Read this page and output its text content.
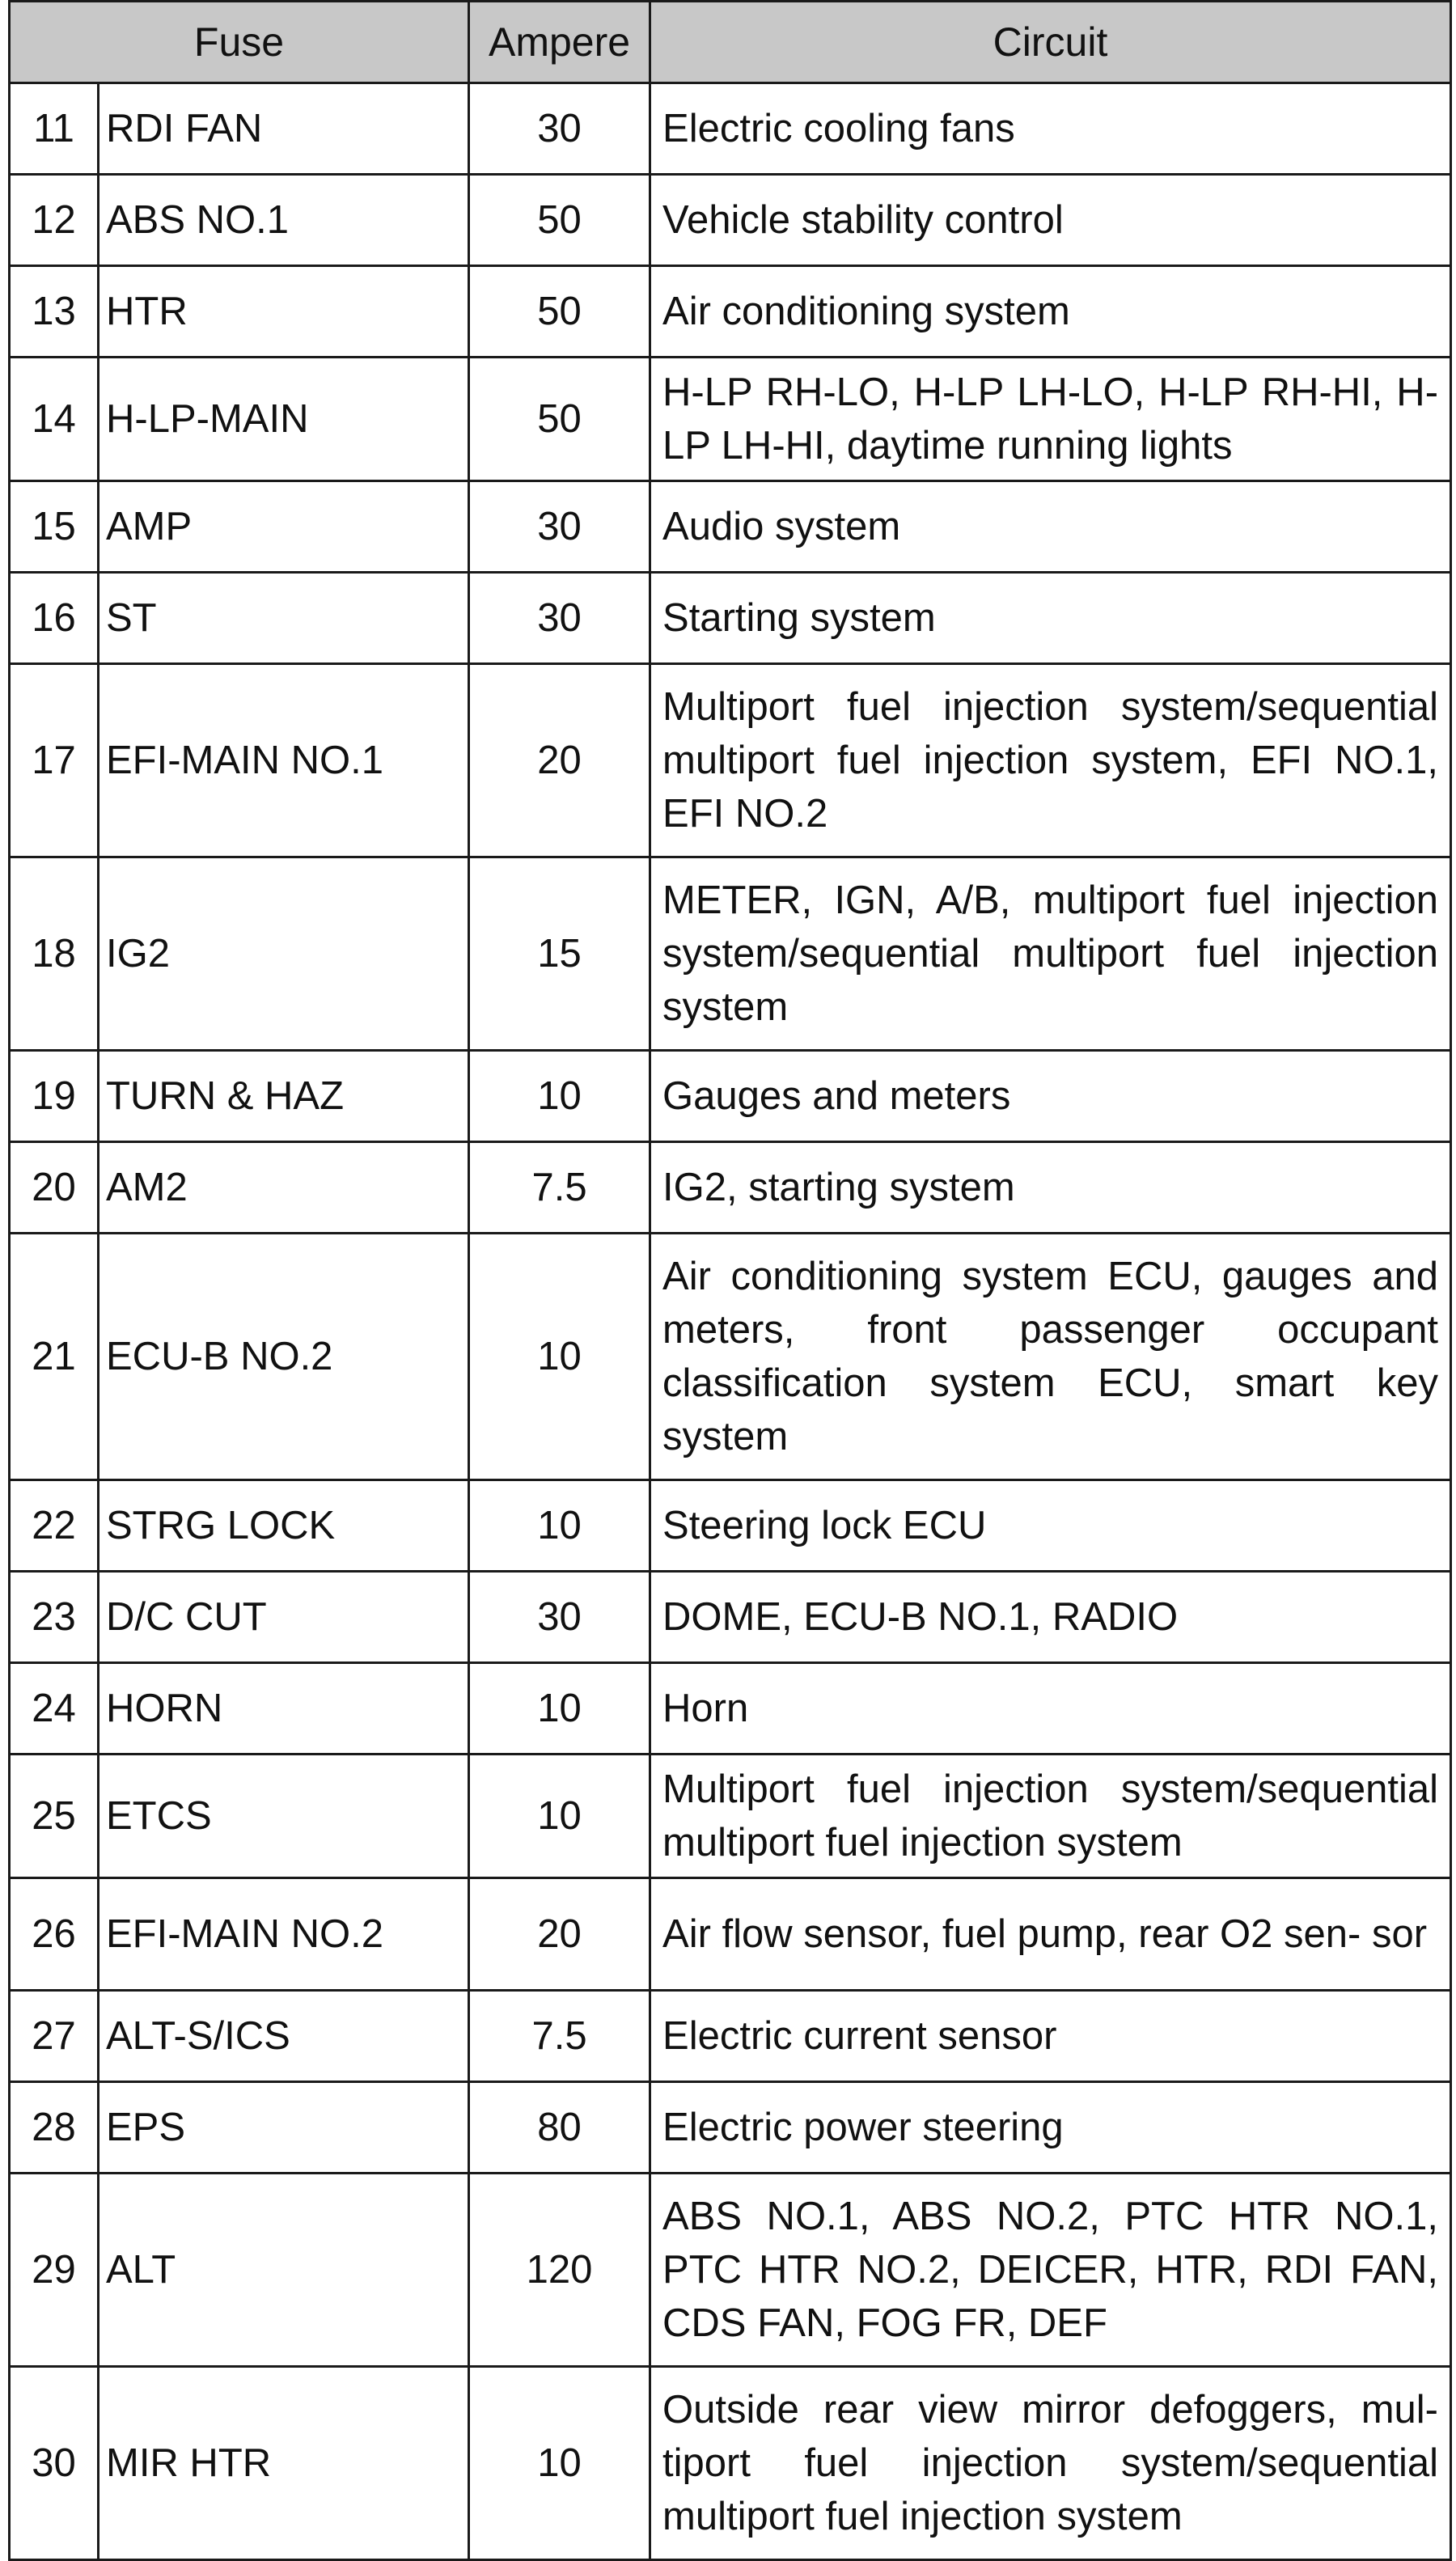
Fuse		Ampere	Circuit
11	RDI FAN	30	Electric cooling fans
12	ABS NO.1	50	Vehicle stability control
13	HTR	50	Air conditioning system
14	H-LP-MAIN	50	H-LP RH-LO, H-LP LH-LO, H-LP RH-HI, H-LP LH-HI, daytime running lights
15	AMP	30	Audio system
16	ST	30	Starting system
17	EFI-MAIN NO.1	20	Multiport fuel injection system/sequential multiport fuel injection system, EFI NO.1, EFI NO.2
18	IG2	15	METER, IGN, A/B, multiport fuel injection system/sequential multiport fuel injection system
19	TURN & HAZ	10	Gauges and meters
20	AM2	7.5	IG2, starting system
21	ECU-B NO.2	10	Air conditioning system ECU, gauges and meters, front passenger occupant classification system ECU, smart key system
22	STRG LOCK	10	Steering lock ECU
23	D/C CUT	30	DOME, ECU-B NO.1, RADIO
24	HORN	10	Horn
25	ETCS	10	Multiport fuel injection system/sequential multiport fuel injection system
26	EFI-MAIN NO.2	20	Air flow sensor, fuel pump, rear O2 sen- sor
27	ALT-S/ICS	7.5	Electric current sensor
28	EPS	80	Electric power steering
29	ALT	120	ABS NO.1, ABS NO.2, PTC HTR NO.1, PTC HTR NO.2, DEICER, HTR, RDI FAN, CDS FAN, FOG FR, DEF
30	MIR HTR	10	Outside rear view mirror defoggers, mul- tiport fuel injection system/sequential multiport fuel injection system
